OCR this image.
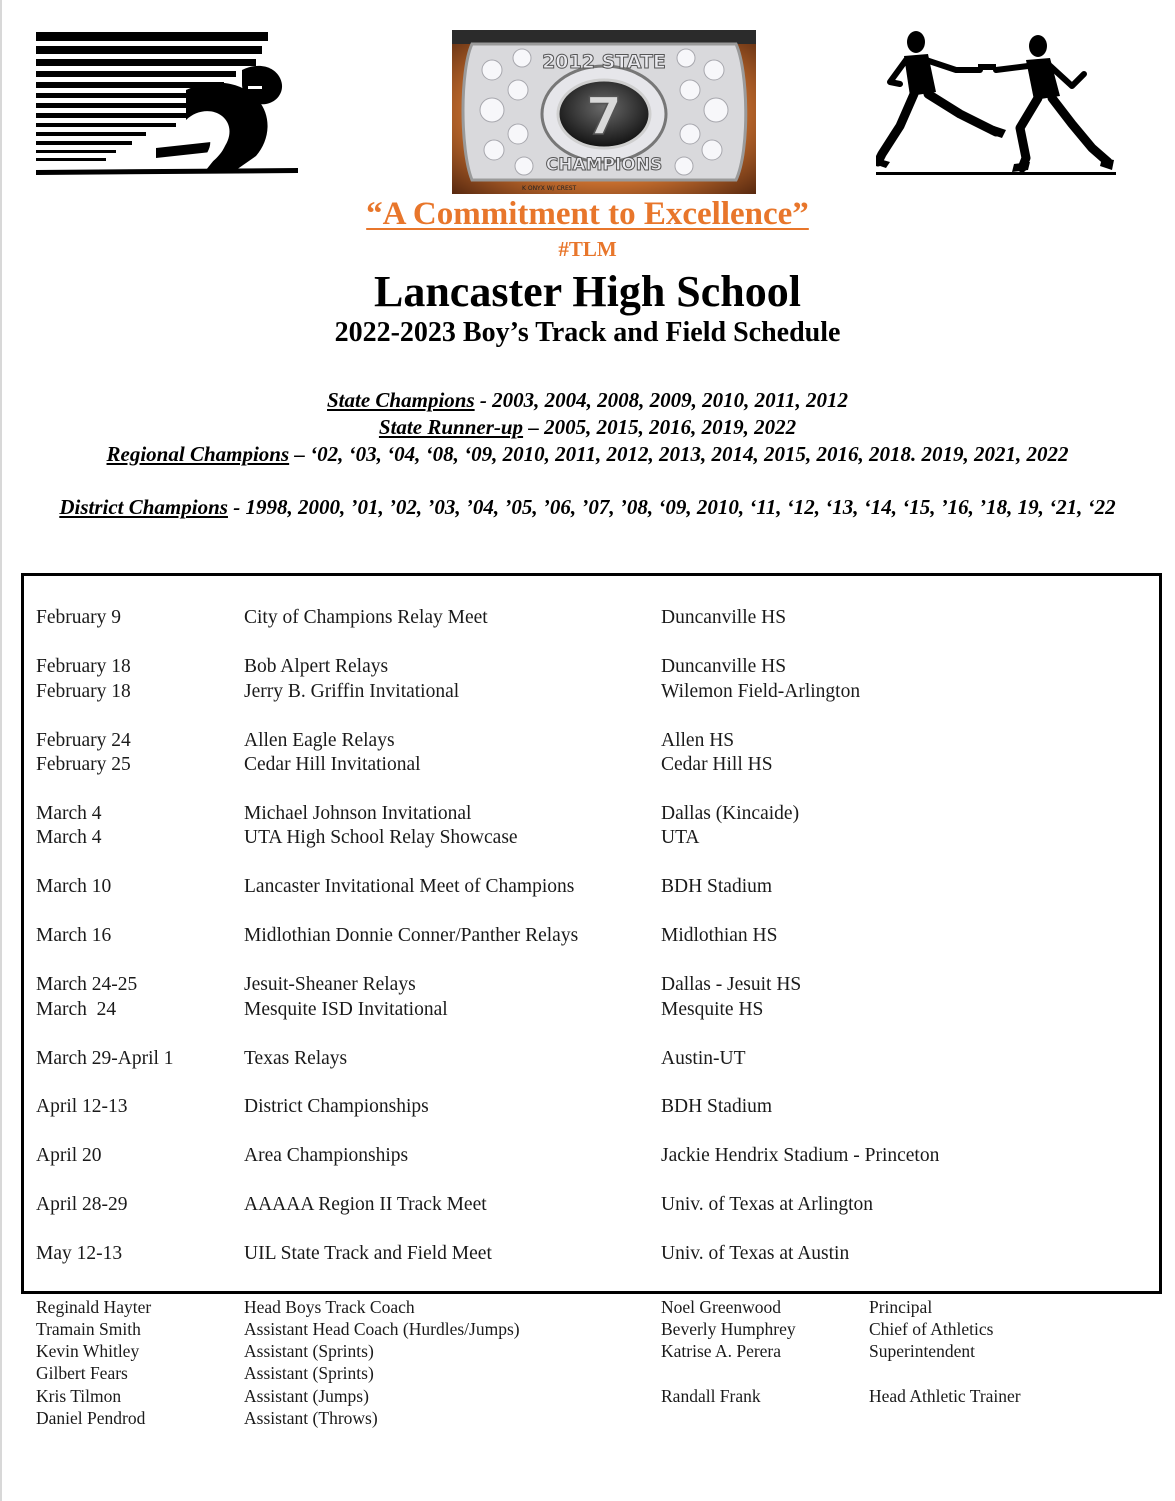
7
2012 STATE
CHAMPIONS
K ONYX W/ CREST
“A Commitment to Excellence”
#TLM
Lancaster High School
2022-2023 Boy’s Track and Field Schedule
State Champions - 2003, 2004, 2008, 2009, 2010, 2011, 2012
State Runner-up – 2005, 2015, 2016, 2019, 2022
Regional Champions – ‘02, ‘03, ‘04, ‘08, ‘09, 2010, 2011, 2012, 2013, 2014, 2015, 2016, 2018. 2019, 2021, 2022
District Champions - 1998, 2000, ’01, ’02, ’03, ’04, ’05, ’06, ’07, ’08, ‘09, 2010, ‘11, ‘12, ‘13, ‘14, ‘15, ’16, ’18, 19, ‘21, ‘22
February 9	City of Champions Relay Meet	Duncanville HS
February 18	Bob Alpert Relays	Duncanville HS
February 18	Jerry B. Griffin Invitational	Wilemon Field-Arlington
February 24	Allen Eagle Relays	Allen HS
February 25	Cedar Hill Invitational	Cedar Hill HS
March 4	Michael Johnson Invitational	Dallas (Kincaide)
March 4	UTA High School Relay Showcase	UTA
March 10	Lancaster Invitational Meet of Champions	BDH Stadium
March 16	Midlothian Donnie Conner/Panther Relays	Midlothian HS
March 24-25	Jesuit-Sheaner Relays	Dallas - Jesuit HS
March  24	Mesquite ISD Invitational	Mesquite HS
March 29-April 1	Texas Relays	Austin-UT
April 12-13	District Championships	BDH Stadium
April 20	Area Championships	Jackie Hendrix Stadium - Princeton
April 28-29	AAAAA Region II Track Meet	Univ. of Texas at Arlington
May 12-13	UIL State Track and Field Meet	Univ. of Texas at Austin
Reginald Hayter	Head Boys Track Coach	Noel Greenwood	Principal
Tramain Smith	Assistant Head Coach (Hurdles/Jumps)	Beverly Humphrey	Chief of Athletics
Kevin Whitley	Assistant (Sprints)	Katrise A. Perera	Superintendent
Gilbert Fears	Assistant (Sprints)
Kris Tilmon	Assistant (Jumps)	Randall Frank	Head Athletic Trainer
Daniel Pendrod	Assistant (Throws)
